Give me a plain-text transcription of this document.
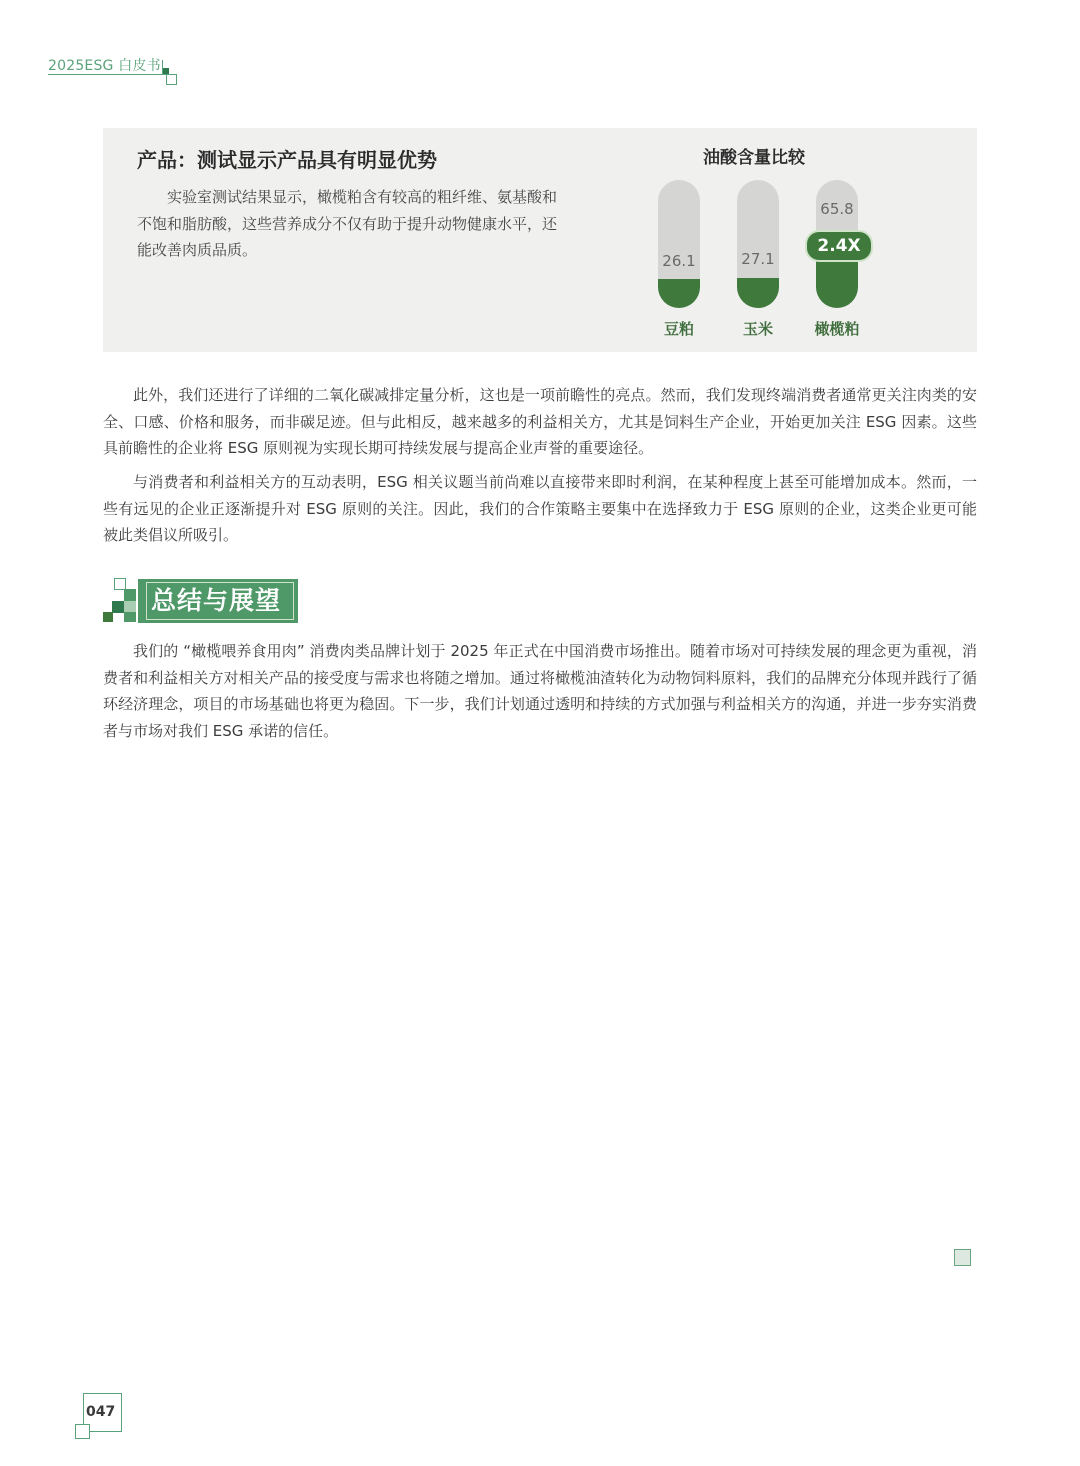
2025ESG 白皮书
产品：测试显示产品具有明显优势

实验室测试结果显示，橄榄粕含有较高的粗纤维、氨基酸和不饱和脂肪酸，这些营养成分不仅有助于提升动物健康水平，还能改善肉质品质。

油酸含量比较
26.1
豆粕
27.1
玉米
65.8
橄榄粕
2.4X

此外，我们还进行了详细的二氧化碳减排定量分析，这也是一项前瞻性的亮点。然而，我们发现终端消费者通常更关注肉类的安全、口感、价格和服务，而非碳足迹。但与此相反，越来越多的利益相关方，尤其是饲料生产企业，开始更加关注 ESG 因素。这些具前瞻性的企业将 ESG 原则视为实现长期可持续发展与提高企业声誉的重要途径。

与消费者和利益相关方的互动表明，ESG 相关议题当前尚难以直接带来即时利润，在某种程度上甚至可能增加成本。然而，一些有远见的企业正逐渐提升对 ESG 原则的关注。因此，我们的合作策略主要集中在选择致力于 ESG 原则的企业，这类企业更可能被此类倡议所吸引。

总结与展望

我们的 “橄榄喂养食用肉” 消费肉类品牌计划于 2025 年正式在中国消费市场推出。随着市场对可持续发展的理念更为重视，消费者和利益相关方对相关产品的接受度与需求也将随之增加。通过将橄榄油渣转化为动物饲料原料，我们的品牌充分体现并践行了循环经济理念，项目的市场基础也将更为稳固。下一步，我们计划通过透明和持续的方式加强与利益相关方的沟通，并进一步夯实消费者与市场对我们 ESG 承诺的信任。

047
